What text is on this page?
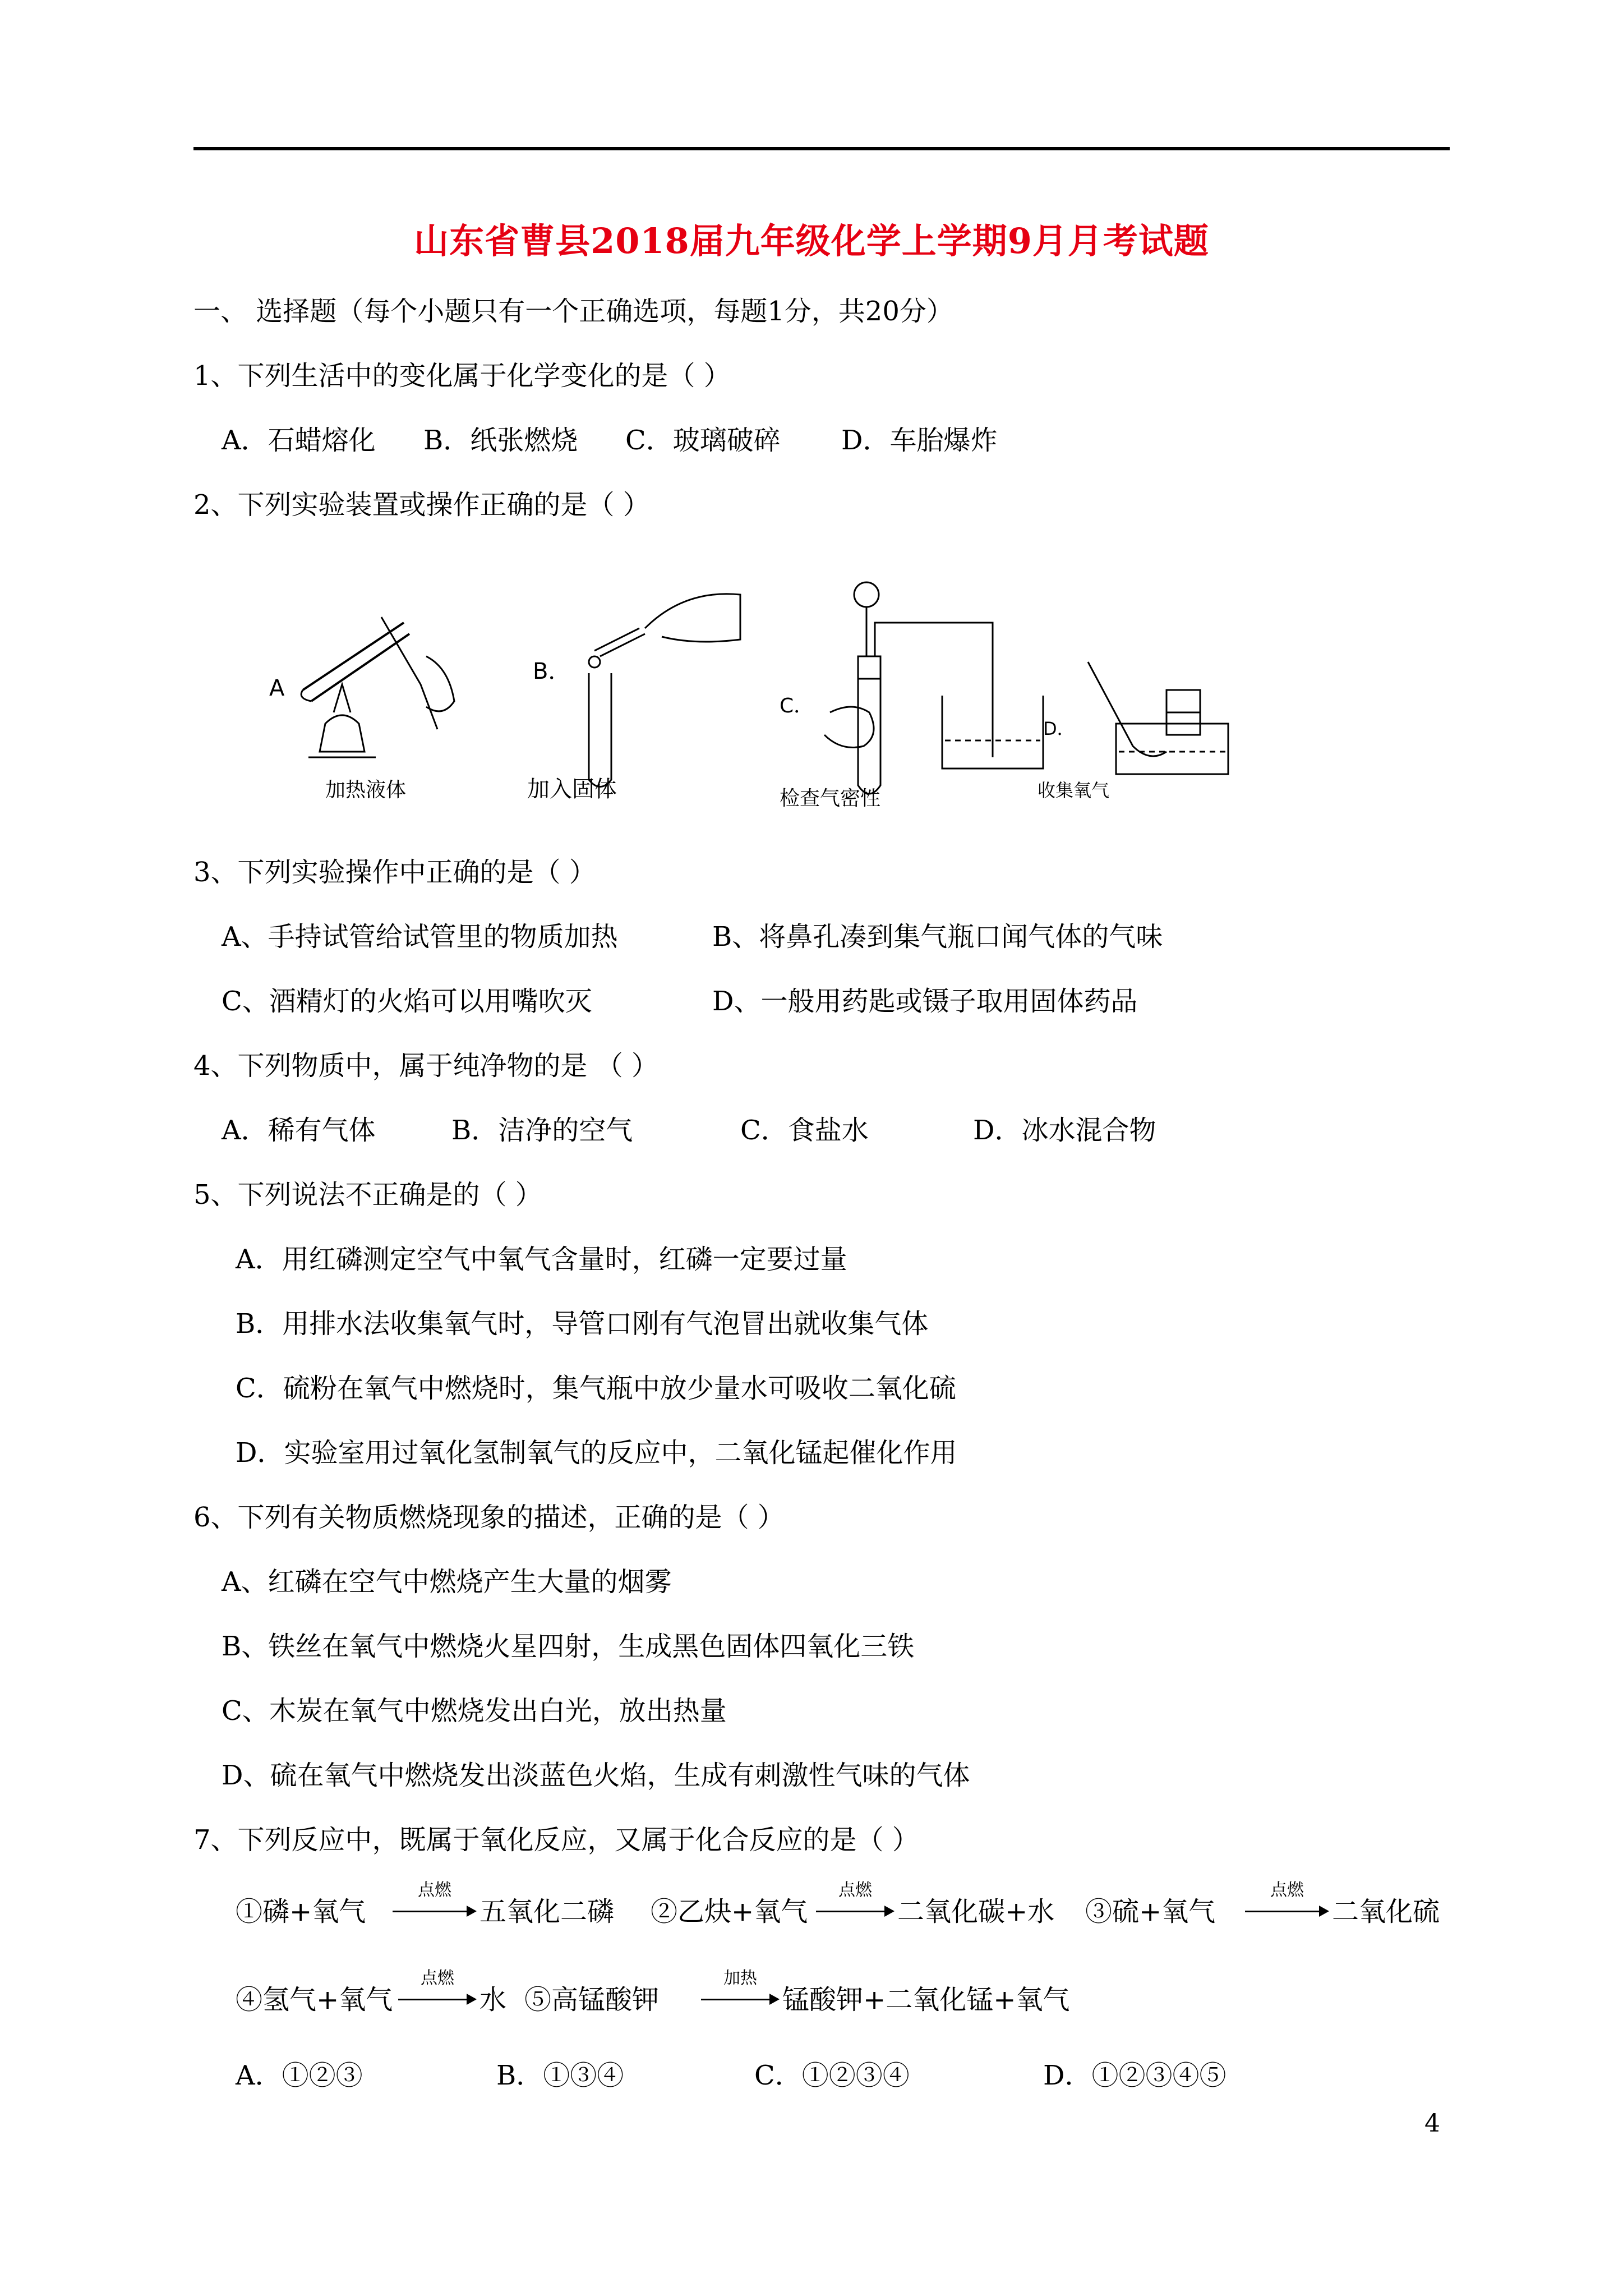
山东省曹县2018届九年级化学上学期9月月考试题
一、 选择题（每个小题只有一个正确选项，每题1分，共20分）
1、下列生活中的变化属于化学变化的是（ ）
A．石蜡熔化 B．纸张燃烧 C．玻璃破碎 D．车胎爆炸
2、下列实验装置或操作正确的是（ ）
A
加热液体
B．
加入固体
C．
检查气密性
D．
收集氧气
3、下列实验操作中正确的是（ ）
A、手持试管给试管里的物质加热	B、将鼻孔凑到集气瓶口闻气体的气味
C、酒精灯的火焰可以用嘴吹灭	D、一般用药匙或镊子取用固体药品
4、下列物质中，属于纯净物的是 （ ）
A．稀有气体	B．洁净的空气	C．食盐水	D．冰水混合物
5、下列说法不正确是的（ ）
A．用红磷测定空气中氧气含量时，红磷一定要过量
B．用排水法收集氧气时，导管口刚有气泡冒出就收集气体
C．硫粉在氧气中燃烧时，集气瓶中放少量水可吸收二氧化硫
D．实验室用过氧化氢制氧气的反应中，二氧化锰起催化作用
6、下列有关物质燃烧现象的描述，正确的是（ ）
A、红磷在空气中燃烧产生大量的烟雾
B、铁丝在氧气中燃烧火星四射，生成黑色固体四氧化三铁
C、木炭在氧气中燃烧发出白光，放出热量
D、硫在氧气中燃烧发出淡蓝色火焰，生成有刺激性气味的气体
7、下列反应中，既属于氧化反应，又属于化合反应的是（ ）
①磷+氧气
点燃
五氧化二磷 ②乙炔+氧气
点燃
二氧化碳+水 ③硫+氧气
点燃
二氧化硫
④氢气+氧气
点燃
水 ⑤高锰酸钾
加热
锰酸钾+二氧化锰+氧气
A．①②③	B．①③④	C．①②③④	D．①②③④⑤
4
